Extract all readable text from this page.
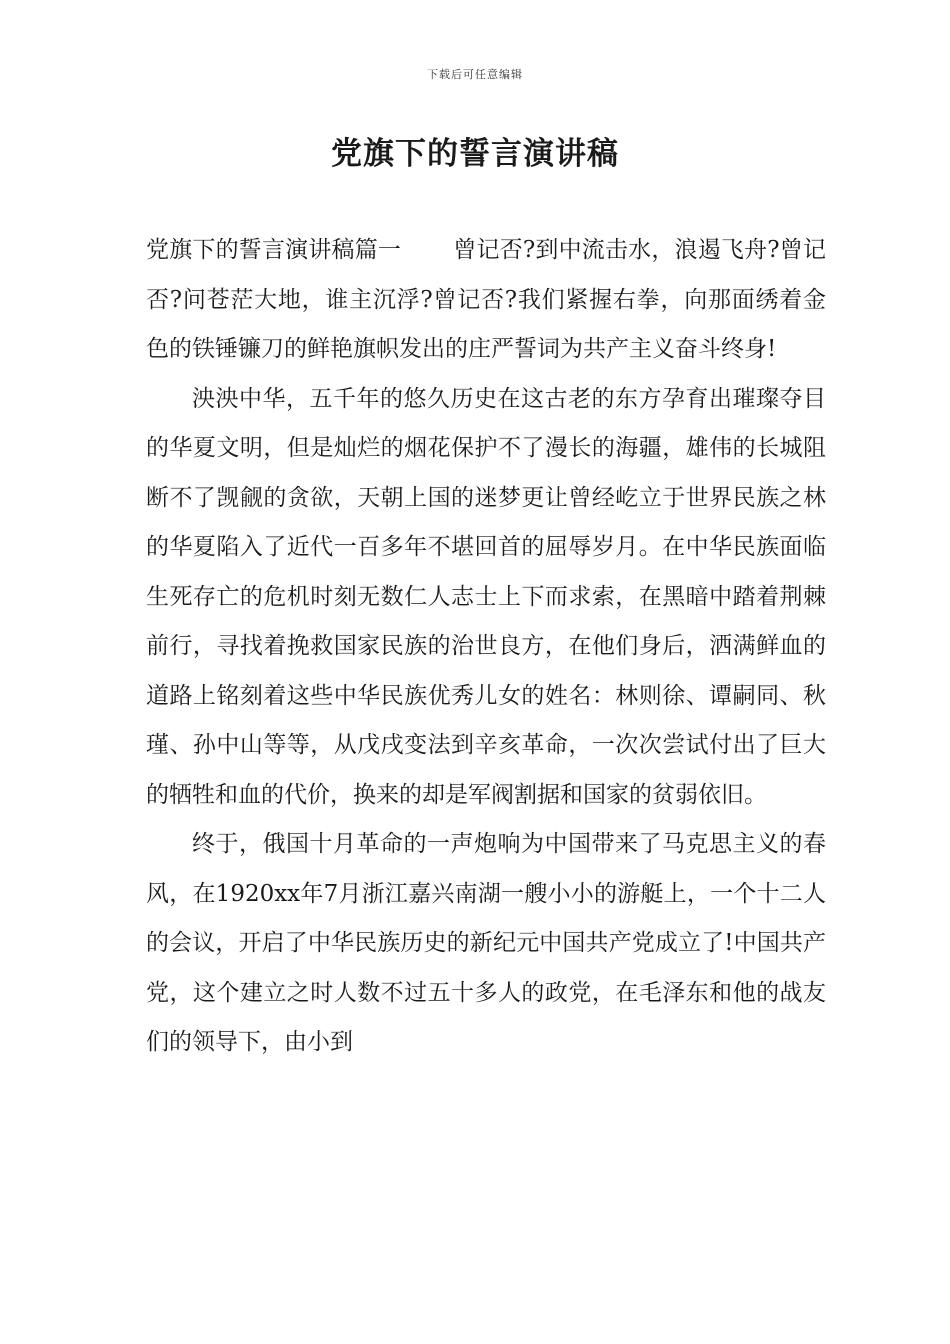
下载后可任意编辑
党旗下的誓言演讲稿

党旗下的誓言演讲稿篇一 曾记否?到中流击水，浪遏飞舟?曾记否?问苍茫大地，谁主沉浮?曾记否?我们紧握右拳，向那面绣着金色的铁锤镰刀的鲜艳旗帜发出的庄严誓词为共产主义奋斗终身!

泱泱中华，五千年的悠久历史在这古老的东方孕育出璀璨夺目的华夏文明，但是灿烂的烟花保护不了漫长的海疆，雄伟的长城阻断不了觊觎的贪欲，天朝上国的迷梦更让曾经屹立于世界民族之林的华夏陷入了近代一百多年不堪回首的屈辱岁月。在中华民族面临生死存亡的危机时刻无数仁人志士上下而求索，在黑暗中踏着荆棘前行，寻找着挽救国家民族的治世良方，在他们身后，洒满鲜血的道路上铭刻着这些中华民族优秀儿女的姓名：林则徐、谭嗣同、秋瑾、孙中山等等，从戊戌变法到辛亥革命，一次次尝试付出了巨大的牺牲和血的代价，换来的却是军阀割据和国家的贫弱依旧。

终于，俄国十月革命的一声炮响为中国带来了马克思主义的春风，在1920xx年7月浙江嘉兴南湖一艘小小的游艇上，一个十二人的会议，开启了中华民族历史的新纪元中国共产党成立了!中国共产党，这个建立之时人数不过五十多人的政党，在毛泽东和他的战友们的领导下，由小到
